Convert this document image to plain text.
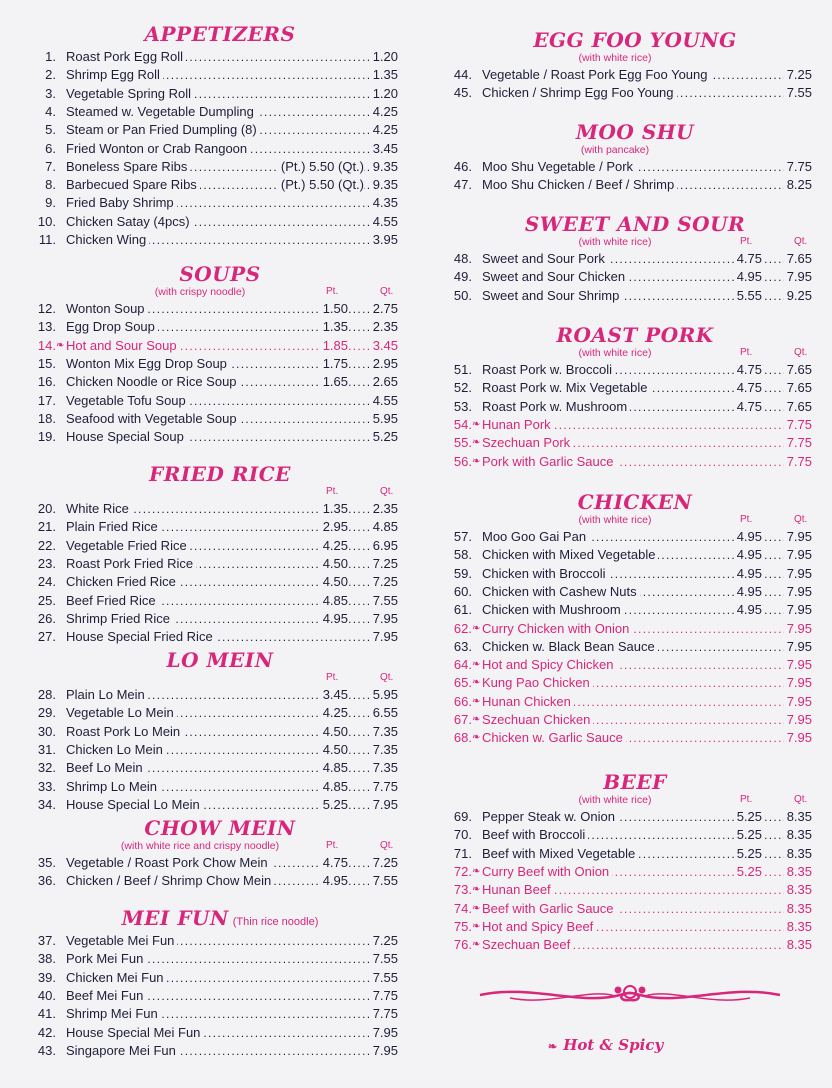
APPETIZERS
1. . . . Roast Pork Egg Roll	1.20
2. . . . Shrimp Egg Roll	1.35
3. . . . Vegetable Spring Roll	1.20
4. . . . Steamed w. Vegetable Dumpling	4.25
5. . . . Steam or Pan Fried Dumpling (8)	4.25
6. . . . Fried Wonton or Crab Rangoon	3.45
7. . . . Boneless Spare Ribs	(Pt.) 5.50 (Qt.) 9.35
8. . . . Barbecued Spare Ribs	(Pt.) 5.50 (Qt.) 9.35
9. . . . Fried Baby Shrimp	4.35
10. . . . Chicken Satay (4pcs)	4.55
11. . . . Chicken Wing	3.95
SOUPS
(with crispy noodle)	Pt.	Qt.
12. . . . Wonton Soup	1.50 2.75
13. . . . Egg Drop Soup	1.35 2.35
14. ❧ . . . Hot and Sour Soup	1.85 3.45
15. . . . Wonton Mix Egg Drop Soup	1.75 2.95
16. . . . Chicken Noodle or Rice Soup	1.65 2.65
17. . . . Vegetable Tofu Soup	4.55
18. . . . Seafood with Vegetable Soup	5.95
19. . . . House Special Soup	5.25
FRIED RICE
Pt.	Qt.
20. . . . White Rice	1.35 2.35
21. . . . Plain Fried Rice	2.95 4.85
22. . . . Vegetable Fried Rice	4.25 6.95
23. . . . Roast Pork Fried Rice	4.50 7.25
24. . . . Chicken Fried Rice	4.50 7.25
25. . . . Beef Fried Rice	4.85 7.55
26. . . . Shrimp Fried Rice	4.95 7.95
27. . . . House Special Fried Rice	7.95
LO MEIN
Pt.	Qt.
28. . . . Plain Lo Mein	3.45 5.95
29. . . . Vegetable Lo Mein	4.25 6.55
30. . . . Roast Pork Lo Mein	4.50 7.35
31. . . . Chicken Lo Mein	4.50 7.35
32. . . . Beef Lo Mein	4.85 7.35
33. . . . Shrimp Lo Mein	4.85 7.75
34. . . . House Special Lo Mein	5.25 7.95
CHOW MEIN
(with white rice and crispy noodle)	Pt.	Qt.
35. . . . Vegetable / Roast Pork Chow Mein	4.75 7.25
36. . . . Chicken / Beef / Shrimp Chow Mein	4.95 7.55
MEI FUN (Thin rice noodle)
37. . . . Vegetable Mei Fun	7.25
38. . . . Pork Mei Fun	7.55
39. . . . Chicken Mei Fun	7.55
40. . . . Beef Mei Fun	7.75
41. . . . Shrimp Mei Fun	7.75
42. . . . House Special Mei Fun	7.95
43. . . . Singapore Mei Fun	7.95
EGG FOO YOUNG
(with white rice)
44. . . . Vegetable / Roast Pork Egg Foo Young	7.25
45. . . . Chicken / Shrimp Egg Foo Young	7.55
MOO SHU
(with pancake)
46. . . . Moo Shu Vegetable / Pork	7.75
47. . . . Moo Shu Chicken / Beef / Shrimp	8.25
SWEET AND SOUR
(with white rice)	Pt.	Qt.
48. . . . Sweet and Sour Pork	4.75 7.65
49. . . . Sweet and Sour Chicken	4.95 7.95
50. . . . Sweet and Sour Shrimp	5.55 9.25
ROAST PORK
(with white rice)	Pt.	Qt.
51. . . . Roast Pork w. Broccoli	4.75 7.65
52. . . . Roast Pork w. Mix Vegetable	4.75 7.65
53. . . . Roast Pork w. Mushroom	4.75 7.65
54. ❧ . . . Hunan Pork	7.75
55. ❧ . . . Szechuan Pork	7.75
56. ❧ . . . Pork with Garlic Sauce	7.75
CHICKEN
(with white rice)	Pt.	Qt.
57. . . . Moo Goo Gai Pan	4.95 7.95
58. . . . Chicken with Mixed Vegetable	4.95 7.95
59. . . . Chicken with Broccoli	4.95 7.95
60. . . . Chicken with Cashew Nuts	4.95 7.95
61. . . . Chicken with Mushroom	4.95 7.95
62. ❧ . . . Curry Chicken with Onion	7.95
63. . . . Chicken w. Black Bean Sauce	7.95
64. ❧ . . . Hot and Spicy Chicken	7.95
65. ❧ . . . Kung Pao Chicken	7.95
66. ❧ . . . Hunan Chicken	7.95
67. ❧ . . . Szechuan Chicken	7.95
68. ❧ . . . Chicken w. Garlic Sauce	7.95
BEEF
(with white rice)	Pt.	Qt.
69. . . . Pepper Steak w. Onion	5.25 8.35
70. . . . Beef with Broccoli	5.25 8.35
71. . . . Beef with Mixed Vegetable	5.25 8.35
72. ❧ . . . Curry Beef with Onion	5.25 8.35
73. ❧ . . . Hunan Beef	8.35
74. ❧ . . . Beef with Garlic Sauce	8.35
75. ❧ . . . Hot and Spicy Beef	8.35
76. ❧ . . . Szechuan Beef	8.35
❧ Hot & Spicy
